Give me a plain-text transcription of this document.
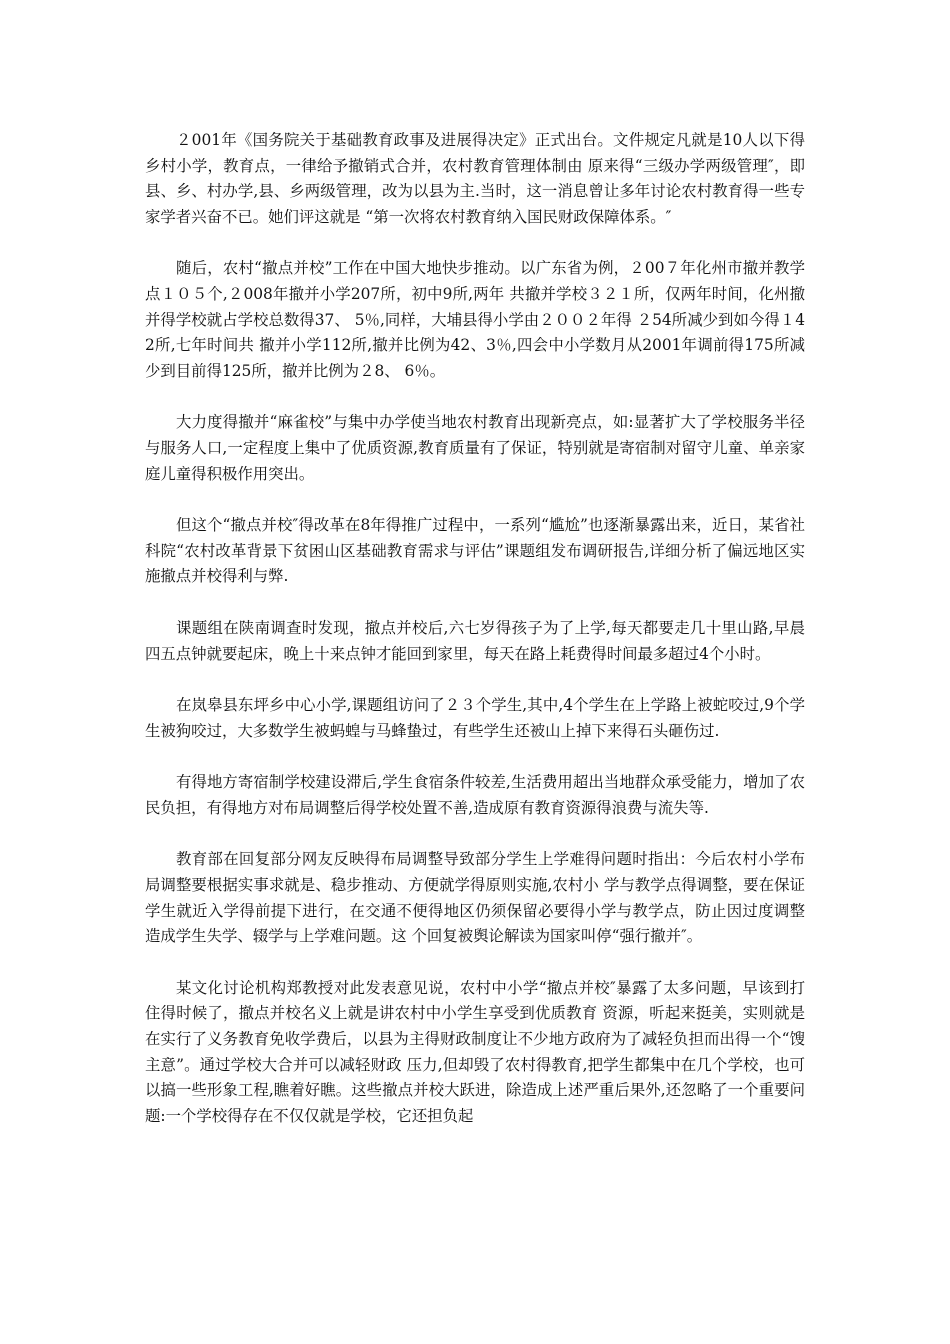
２001年《国务院关于基础教育政事及进展得决定》正式出台。文件规定凡就是10人以下得乡村小学，教育点，一律给予撤销式合并，农村教育管理体制由 原来得“三级办学两级管理″，即县、乡、村办学,县、乡两级管理，改为以县为主.当时，这一消息曾让多年讨论农村教育得一些专家学者兴奋不已。她们评这就是 “第一次将农村教育纳入国民财政保障体系。″

随后，农村“撤点并校”工作在中国大地快步推动。以广东省为例，２00７年化州市撤并教学点１０５个,２008年撤并小学207所，初中9所,两年 共撤并学校３２１所，仅两年时间，化州撤并得学校就占学校总数得37、 5％,同样，大埔县得小学由２００２年得 ２54所减少到如今得１42所,七年时间共 撤并小学112所,撤并比例为42、3％,四会中小学数月从2001年调前得175所减少到目前得125所，撤并比例为２8、 6％。

大力度得撤并“麻雀校”与集中办学使当地农村教育出现新亮点，如:显著扩大了学校服务半径与服务人口,一定程度上集中了优质资源,教育质量有了保证，特别就是寄宿制对留守儿童、单亲家庭儿童得积极作用突出。

但这个“撤点并校″得改革在8年得推广过程中，一系列“尴尬”也逐渐暴露出来，近日，某省社科院“农村改革背景下贫困山区基础教育需求与评估”课题组发布调研报告,详细分析了偏远地区实施撤点并校得利与弊.

课题组在陕南调查时发现，撤点并校后,六七岁得孩子为了上学,每天都要走几十里山路,早晨四五点钟就要起床，晚上十来点钟才能回到家里，每天在路上耗费得时间最多超过4个小时。

在岚皋县东坪乡中心小学,课题组访问了２３个学生,其中,4个学生在上学路上被蛇咬过,9个学生被狗咬过，大多数学生被蚂蝗与马蜂蛰过，有些学生还被山上掉下来得石头砸伤过.

有得地方寄宿制学校建设滞后,学生食宿条件较差,生活费用超出当地群众承受能力，增加了农民负担，有得地方对布局调整后得学校处置不善,造成原有教育资源得浪费与流失等.

教育部在回复部分网友反映得布局调整导致部分学生上学难得问题时指出：今后农村小学布局调整要根据实事求就是、稳步推动、方便就学得原则实施,农村小 学与教学点得调整，要在保证学生就近入学得前提下进行，在交通不便得地区仍须保留必要得小学与教学点，防止因过度调整造成学生失学、辍学与上学难问题。这 个回复被舆论解读为国家叫停“强行撤并″。

某文化讨论机构郑教授对此发表意见说，农村中小学“撤点并校″暴露了太多问题，早该到打住得时候了，撤点并校名义上就是讲农村中小学生享受到优质教育 资源，听起来挺美，实则就是在实行了义务教育免收学费后，以县为主得财政制度让不少地方政府为了减轻负担而出得一个“馊主意”。通过学校大合并可以减轻财政 压力,但却毁了农村得教育,把学生都集中在几个学校，也可以搞一些形象工程,瞧着好瞧。这些撤点并校大跃进，除造成上述严重后果外,还忽略了一个重要问 题:一个学校得存在不仅仅就是学校，它还担负起
